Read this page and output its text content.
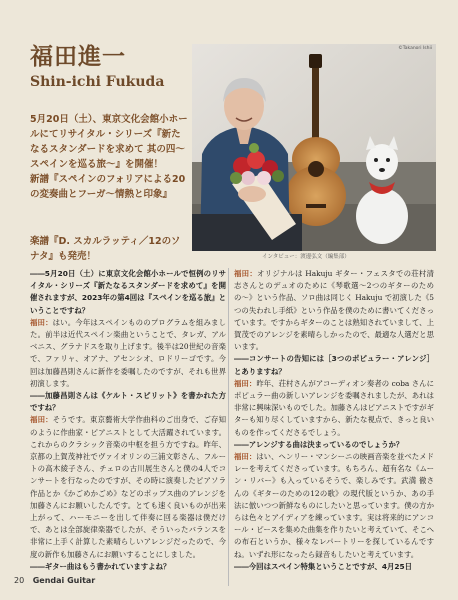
福田進一
Shin-ichi Fukuda

5月20日（土）、東京文化会館小ホールにてリサイタル・シリーズ『新たなるスタンダードを求めて 其の四〜スペインを巡る旅〜』を開催！

新譜『スペインのフォリアによる20の変奏曲とフーガ〜情熱と印象』

楽譜『D. スカルラッティ／12のソナタ』も発売！

©Takanori Ishii
インタビュー：渡邊弘文（編集部）

――5月20日（土）に東京文化会館小ホールで恒例のリサイタル・シリーズ『新たなるスタンダードを求めて』を開催されますが、2023年の第4回は『スペインを巡る旅』ということですね？

福田：はい。今年はスペインもののプログラムを組みました。前半は近代スペイン楽曲ということで、タレガ、アルベニス、グラナドスを取り上げます。後半は20世紀の音楽で、ファリャ、オアナ、アセンシオ、ロドリーゴです。今回は加藤昌則さんに新作を委嘱したのですが、それも世界初演します。

――加藤昌則さんは《ケルト・スピリット》を書かれた方ですね？

福田：そうです。東京藝術大学作曲科のご出身で、ご存知のように作曲家・ピアニストとして大活躍されています。これからのクラシック音楽の中枢を担う方ですね。昨年、京都の上賀茂神社でヴァイオリンの三浦文彰さん、フルートの高木綾子さん、チェロの古川展生さんと僕の4人でコンサートを行なったのですが、その時に演奏したピアソラ作品とか《かごめかごめ》などのポップス曲のアレンジを加藤さんにお願いしたんです。とても速く良いものが出来上がって、ハーモニーを出して伴奏に回る楽器は僕だけで、あとは全部旋律楽器でしたが、そういったバランスを非常に上手く計算した素晴らしいアレンジだったので、今度の新作も加藤さんにお願いすることにしました。

――ギター曲はもう書かれていますよね？

福田：オリジナルは Hakuju ギター・フェスタでの荘村清志さんとのデュオのために《琴歌選〜2つのギターのための〜》という作品、ソロ曲は同じく Hakuju で初演した《5つの失われし手紙》という作品を僕のために書いてくださっています。ですからギターのことは熟知されていまして、上賀茂でのアレンジを素晴らしかったので、最適な人選だと思います。

――コンサートの告知には［3つのポピュラー・アレンジ］とありますね？

福田：昨年、荘村さんがアコーディオン奏者の coba さんにポピュラー曲の新しいアレンジを委嘱されましたが、あれは非常に興味深いものでした。加藤さんはピアニストですがギターも知り尽くしていますから、新たな視点で、きっと良いものを作ってくださるでしょう。

――アレンジする曲は決まっているのでしょうか？

福田：はい、ヘンリー・マンシーニの映画音楽を並べたメドレーを考えてくださっています。もちろん、超有名な《ムーン・リバー》も入っているそうで、楽しみです。武満 徹さんの《ギターのための12の歌》の現代版というか、あの手法に倣いつつ新鮮なものにしたいと思っています。僕の方からは色々とアイディアを練っています。実は将来的にアンコール・ピースを集めた曲集を作りたいと考えていて、そこへの布石というか、様々なレパートリーを探しているんですね。いずれ形になったら録音もしたいと考えています。

――今回はスペイン特集ということですが、4月25日

20 Gendai Guitar
